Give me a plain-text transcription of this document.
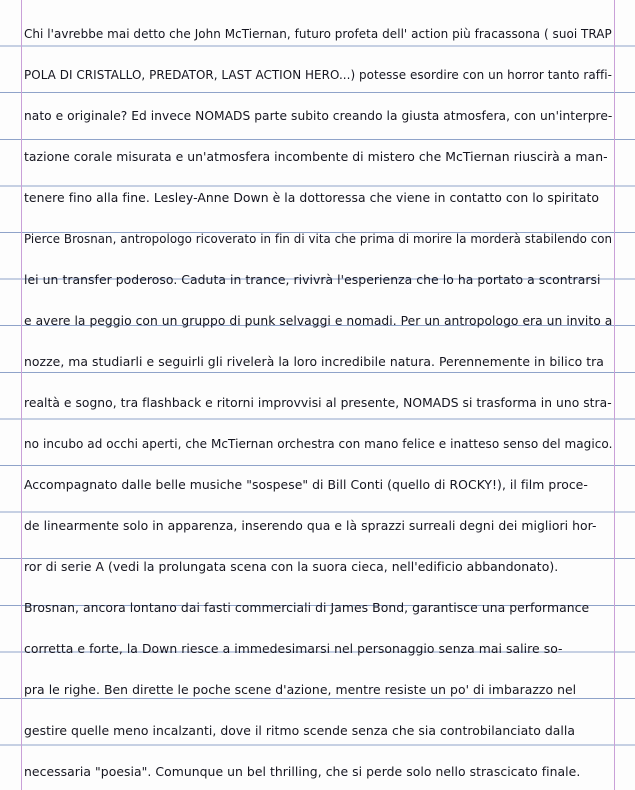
Chi l'avrebbe mai detto che John McTiernan, futuro profeta dell' action più fracassona ( suoi TRAP
POLA DI CRISTALLO, PREDATOR, LAST ACTION HERO...) potesse esordire con un horror tanto raffi-
nato e originale? Ed invece NOMADS parte subito creando la giusta atmosfera, con un'interpre-
tazione corale misurata e un'atmosfera incombente di mistero che McTiernan riuscirà a man-
tenere fino alla fine. Lesley-Anne Down è la dottoressa che viene in contatto con lo spiritato
Pierce Brosnan, antropologo ricoverato in fin di vita che prima di morire la morderà stabilendo con
lei un transfer poderoso. Caduta in trance, rivivrà l'esperienza che lo ha portato a scontrarsi
e avere la peggio con un gruppo di punk selvaggi e nomadi. Per un antropologo era un invito a
nozze, ma studiarli e seguirli gli rivelerà la loro incredibile natura. Perennemente in bilico tra
realtà e sogno, tra flashback e ritorni improvvisi al presente, NOMADS si trasforma in uno stra-
no incubo ad occhi aperti, che McTiernan orchestra con mano felice e inatteso senso del magico.
Accompagnato dalle belle musiche "sospese" di Bill Conti (quello di ROCKY!), il film proce-
de linearmente solo in apparenza, inserendo qua e là sprazzi surreali degni dei migliori hor-
ror di serie A (vedi la prolungata scena con la suora cieca, nell'edificio abbandonato).
Brosnan, ancora lontano dai fasti commerciali di James Bond, garantisce una performance
corretta e forte, la Down riesce a immedesimarsi nel personaggio senza mai salire so-
pra le righe. Ben dirette le poche scene d'azione, mentre resiste un po' di imbarazzo nel
gestire quelle meno incalzanti, dove il ritmo scende senza che sia controbilanciato dalla
necessaria "poesia". Comunque un bel thrilling, che si perde solo nello strascicato finale.
